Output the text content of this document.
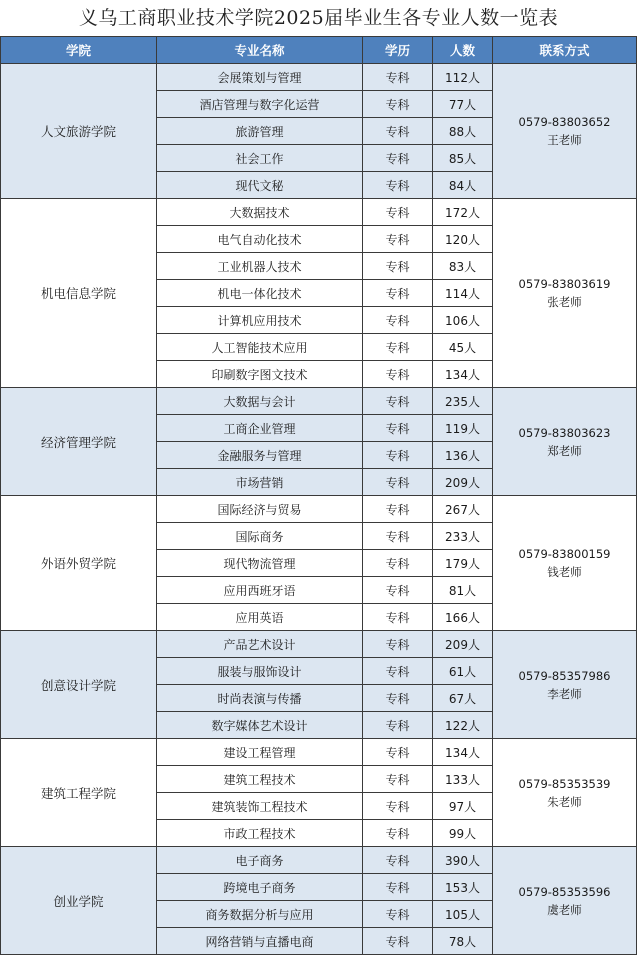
义乌工商职业技术学院2025届毕业生各专业人数一览表
学院	专业名称	学历	人数	联系方式
人文旅游学院	会展策划与管理	专科	112人	0579-83803652
王老师

	酒店管理与数字化运营	专科	77人	
	旅游管理	专科	88人	
	社会工作	专科	85人	
	现代文秘	专科	84人	
机电信息学院	大数据技术	专科	172人	0579-83803619
张老师

	电气自动化技术	专科	120人	
	工业机器人技术	专科	83人	
	机电一体化技术	专科	114人	
	计算机应用技术	专科	106人	
	人工智能技术应用	专科	45人	
	印刷数字图文技术	专科	134人	
经济管理学院	大数据与会计	专科	235人	0579-83803623
郑老师

	工商企业管理	专科	119人	
	金融服务与管理	专科	136人	
	市场营销	专科	209人	
外语外贸学院	国际经济与贸易	专科	267人	0579-83800159
钱老师

	国际商务	专科	233人	
	现代物流管理	专科	179人	
	应用西班牙语	专科	81人	
	应用英语	专科	166人	
创意设计学院	产品艺术设计	专科	209人	0579-85357986
李老师

	服装与服饰设计	专科	61人	
	时尚表演与传播	专科	67人	
	数字媒体艺术设计	专科	122人	
建筑工程学院	建设工程管理	专科	134人	0579-85353539
朱老师

	建筑工程技术	专科	133人	
	建筑装饰工程技术	专科	97人	
	市政工程技术	专科	99人	
创业学院	电子商务	专科	390人	0579-85353596
虞老师

	跨境电子商务	专科	153人	
	商务数据分析与应用	专科	105人	
	网络营销与直播电商	专科	78人	
